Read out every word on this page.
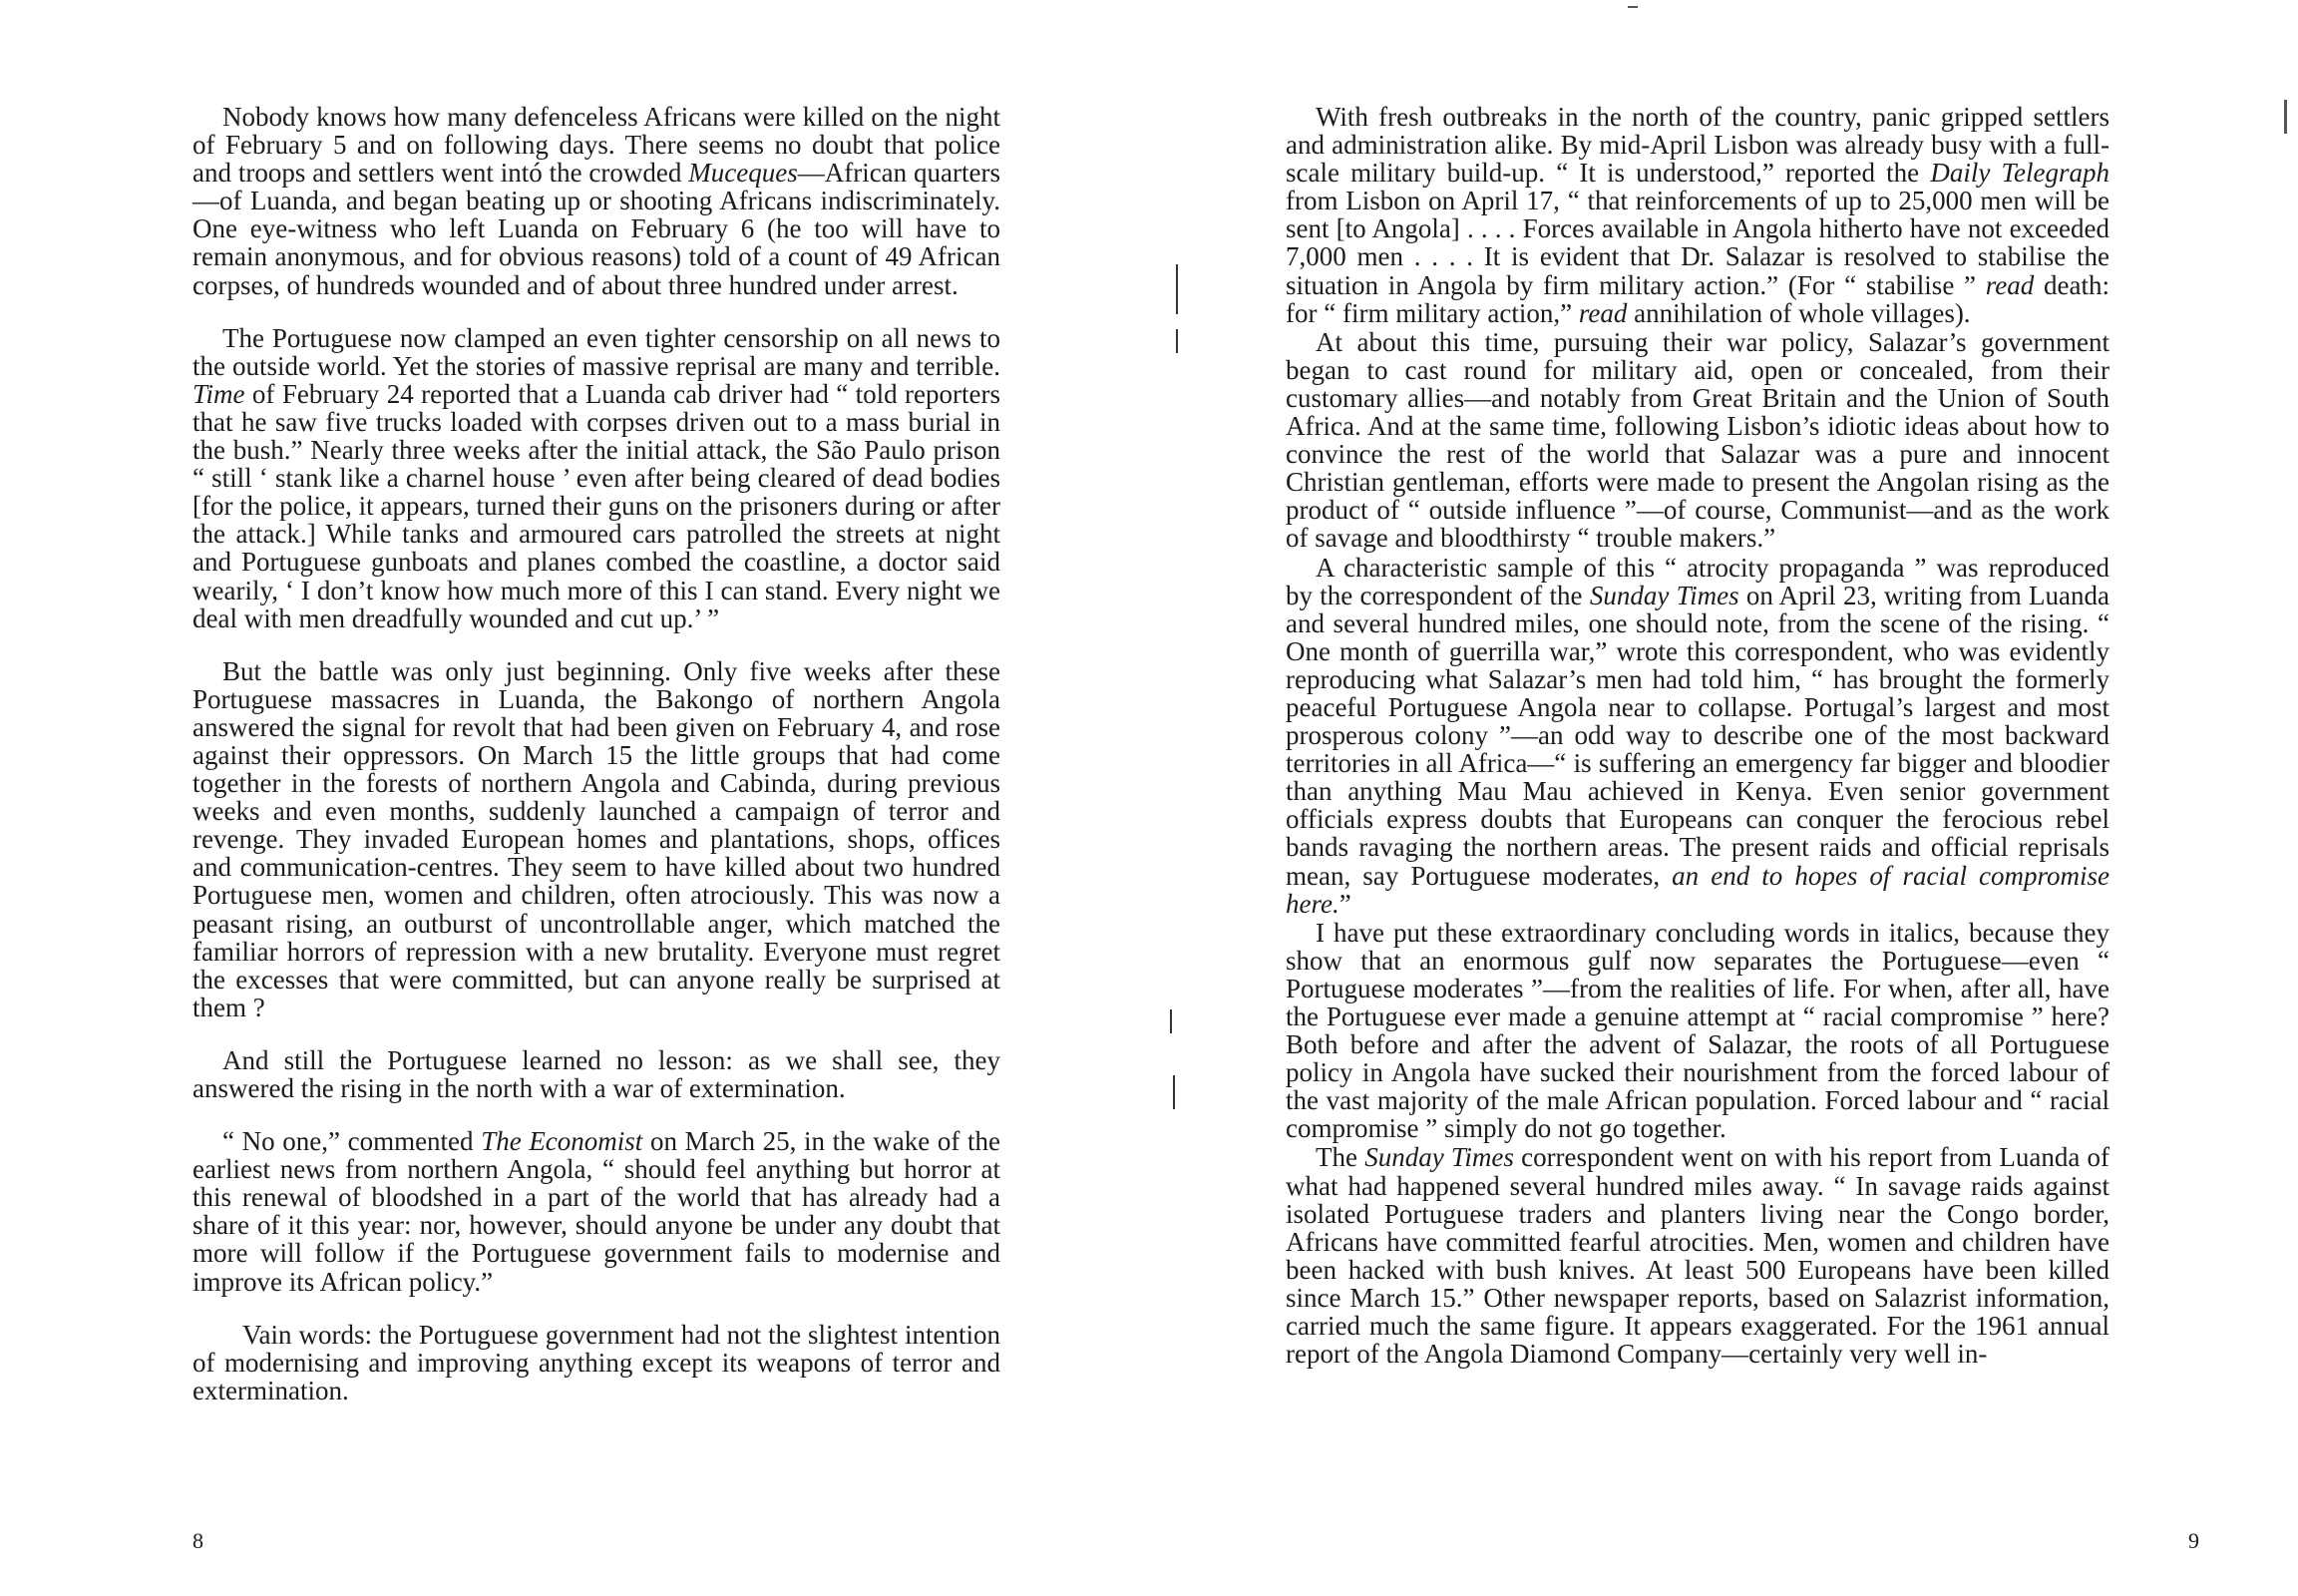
Nobody knows how many defenceless Africans were killed on the night of February 5 and on following days. There seems no doubt that police and troops and settlers went intó the crowded Muceques—African quarters—of Luanda, and began beating up or shooting Africans indiscriminately. One eye-witness who left Luanda on February 6 (he too will have to remain anonymous, and for obvious reasons) told of a count of 49 African corpses, of hundreds wounded and of about three hundred under arrest.

The Portuguese now clamped an even tighter censorship on all news to the outside world. Yet the stories of massive reprisal are many and terrible. Time of February 24 reported that a Luanda cab driver had “ told reporters that he saw five trucks loaded with corpses driven out to a mass burial in the bush.” Nearly three weeks after the initial attack, the São Paulo prison “ still ‘ stank like a charnel house ’ even after being cleared of dead bodies [for the police, it appears, turned their guns on the prisoners during or after the attack.] While tanks and armoured cars patrolled the streets at night and Portuguese gunboats and planes combed the coastline, a doctor said wearily, ‘ I don’t know how much more of this I can stand. Every night we deal with men dreadfully wounded and cut up.’ ”

But the battle was only just beginning. Only five weeks after these Portuguese massacres in Luanda, the Bakongo of northern Angola answered the signal for revolt that had been given on February 4, and rose against their oppressors. On March 15 the little groups that had come together in the forests of northern Angola and Cabinda, during previous weeks and even months, suddenly launched a campaign of terror and revenge. They invaded European homes and plantations, shops, offices and communication-centres. They seem to have killed about two hundred Portuguese men, women and children, often atrociously. This was now a peasant rising, an outburst of uncontrollable anger, which matched the familiar horrors of repression with a new brutality. Everyone must regret the excesses that were committed, but can anyone really be surprised at them ?

And still the Portuguese learned no lesson: as we shall see, they answered the rising in the north with a war of extermination.

“ No one,” commented The Economist on March 25, in the wake of the earliest news from northern Angola, “ should feel anything but horror at this renewal of bloodshed in a part of the world that has already had a share of it this year: nor, however, should anyone be under any doubt that more will follow if the Portuguese government fails to modernise and improve its African policy.”

Vain words: the Portuguese government had not the slightest intention of modernising and improving anything except its weapons of terror and extermination.

8

With fresh outbreaks in the north of the country, panic gripped settlers and administration alike. By mid-April Lisbon was already busy with a full-scale military build-up. “ It is understood,” reported the Daily Telegraph from Lisbon on April 17, “ that reinforcements of up to 25,000 men will be sent [to Angola] . . . . Forces available in Angola hitherto have not exceeded 7,000 men . . . . It is evident that Dr. Salazar is resolved to stabilise the situation in Angola by firm military action.” (For “ stabilise ” read death: for “ firm military action,” read annihilation of whole villages).

At about this time, pursuing their war policy, Salazar’s government began to cast round for military aid, open or concealed, from their customary allies—and notably from Great Britain and the Union of South Africa. And at the same time, following Lisbon’s idiotic ideas about how to convince the rest of the world that Salazar was a pure and innocent Christian gentleman, efforts were made to present the Angolan rising as the product of “ outside influence ”—of course, Communist—and as the work of savage and bloodthirsty “ trouble makers.”

A characteristic sample of this “ atrocity propaganda ” was reproduced by the correspondent of the Sunday Times on April 23, writing from Luanda and several hundred miles, one should note, from the scene of the rising. “ One month of guerrilla war,” wrote this correspondent, who was evidently reproducing what Salazar’s men had told him, “ has brought the formerly peaceful Portuguese Angola near to collapse. Portugal’s largest and most prosperous colony ”—an odd way to describe one of the most backward territories in all Africa—“ is suffering an emergency far bigger and bloodier than anything Mau Mau achieved in Kenya. Even senior government officials express doubts that Europeans can conquer the ferocious rebel bands ravaging the northern areas. The present raids and official reprisals mean, say Portuguese moderates, an end to hopes of racial compromise here.”

I have put these extraordinary concluding words in italics, because they show that an enormous gulf now separates the Portuguese—even “ Portuguese moderates ”—from the realities of life. For when, after all, have the Portuguese ever made a genuine attempt at “ racial compromise ” here? Both before and after the advent of Salazar, the roots of all Portuguese policy in Angola have sucked their nourishment from the forced labour of the vast majority of the male African population. Forced labour and “ racial compromise ” simply do not go together.

The Sunday Times correspondent went on with his report from Luanda of what had happened several hundred miles away. “ In savage raids against isolated Portuguese traders and planters living near the Congo border, Africans have committed fearful atrocities. Men, women and children have been hacked with bush knives. At least 500 Europeans have been killed since March 15.” Other newspaper reports, based on Salazrist information, carried much the same figure. It appears exaggerated. For the 1961 annual report of the Angola Diamond Company—certainly very well in-

9
